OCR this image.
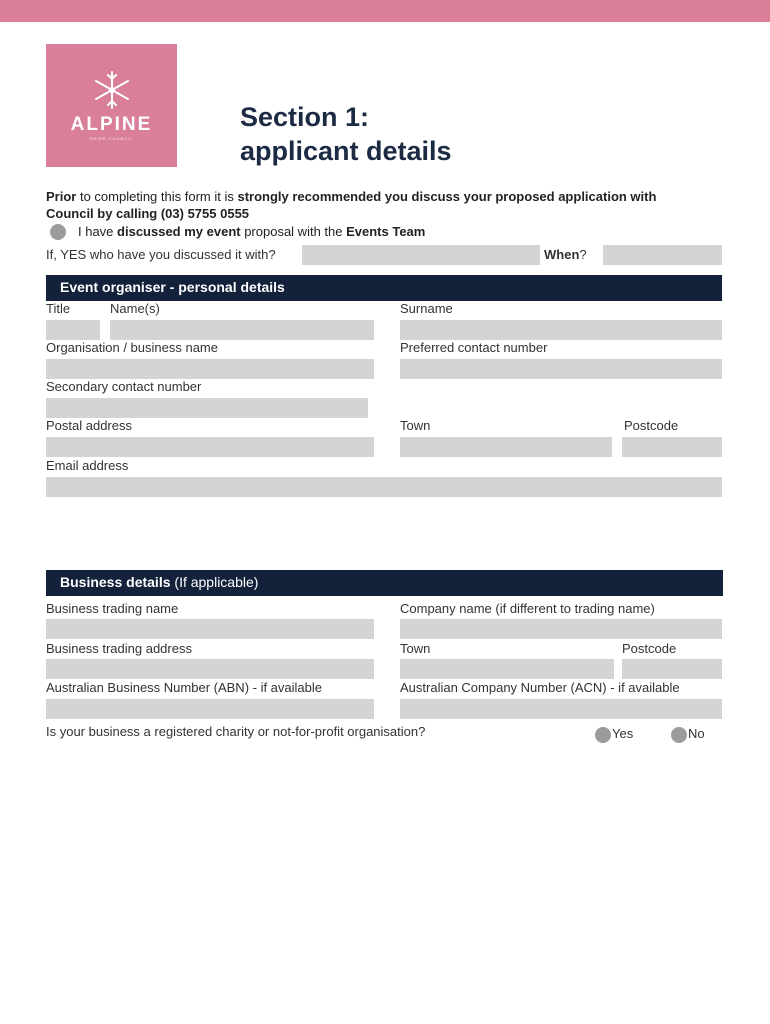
ALPINE
SHIRE COUNCIL
Section 1:
applicant details
Prior to completing this form it is strongly recommended you discuss your proposed application with
Council by calling (03) 5755 0555
I have discussed my event proposal with the Events Team
If, YES who have you discussed it with?	When?
Event organiser - personal details
Title	Name(s)	Surname
Organisation / business name	Preferred contact number
Secondary contact number
Postal address	Town	Postcode
Email address
Business details (If applicable)
Business trading name	Company name (if different to trading name)
Business trading address	Town	Postcode
Australian Business Number (ABN) - if available	Australian Company Number (ACN) - if available
Is your business a registered charity or not-for-profit organisation?	Yes	No
